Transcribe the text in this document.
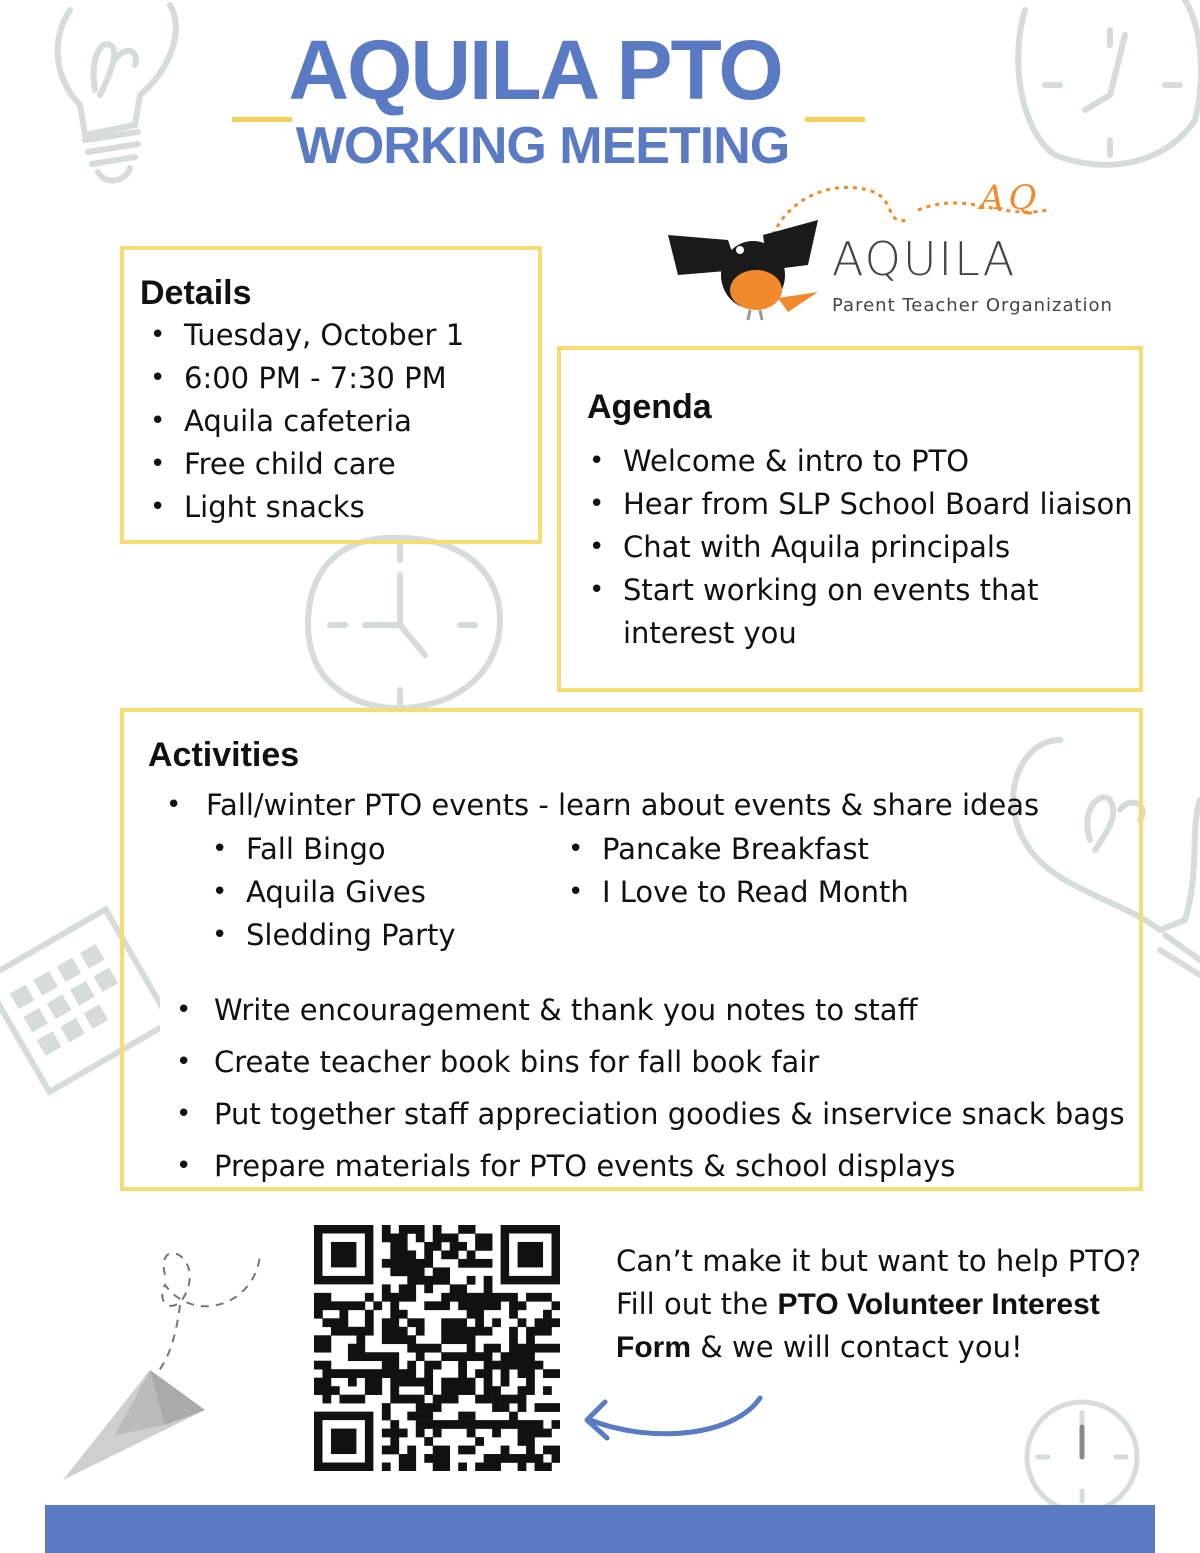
AQUILA PTO
WORKING MEETING
AQ
AQUILA
Parent Teacher Organization
Details
• Tuesday, October 1
• 6:00 PM - 7:30 PM
• Aquila cafeteria
• Free child care
• Light snacks
Agenda
• Welcome & intro to PTO
• Hear from SLP School Board liaison
• Chat with Aquila principals
• Start working on events that interest you
Activities
• Fall/winter PTO events - learn about events & share ideas
• Fall Bingo
• Aquila Gives
• Sledding Party
• Pancake Breakfast
• I Love to Read Month
• Write encouragement & thank you notes to staff
• Create teacher book bins for fall book fair
• Put together staff appreciation goodies & inservice snack bags
• Prepare materials for PTO events & school displays
Can’t make it but want to help PTO?
Fill out the PTO Volunteer Interest Form & we will contact you!
